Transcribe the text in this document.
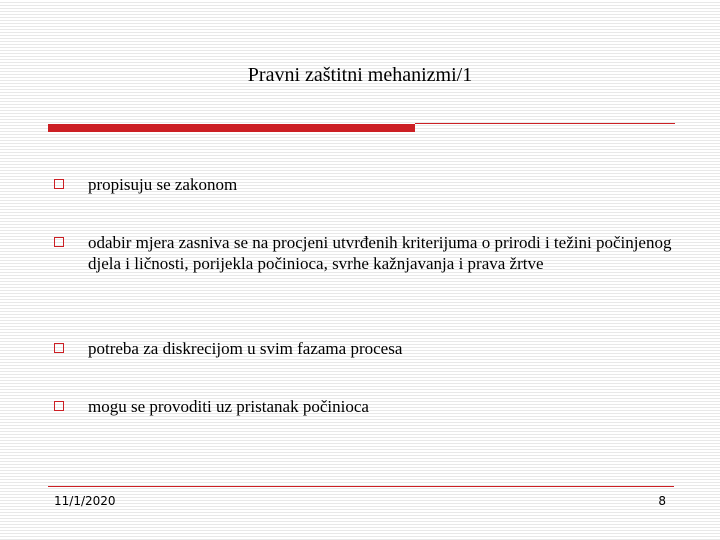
Pravni zaštitni mehanizmi/1
propisuju se zakonom
odabir mjera zasniva se na procjeni utvrđenih kriterijuma o prirodi i težini počinjenog djela i ličnosti, porijekla počinioca, svrhe kažnjavanja i prava žrtve
potreba za diskrecijom u svim fazama procesa
mogu se provoditi uz pristanak počinioca
11/1/2020	8
